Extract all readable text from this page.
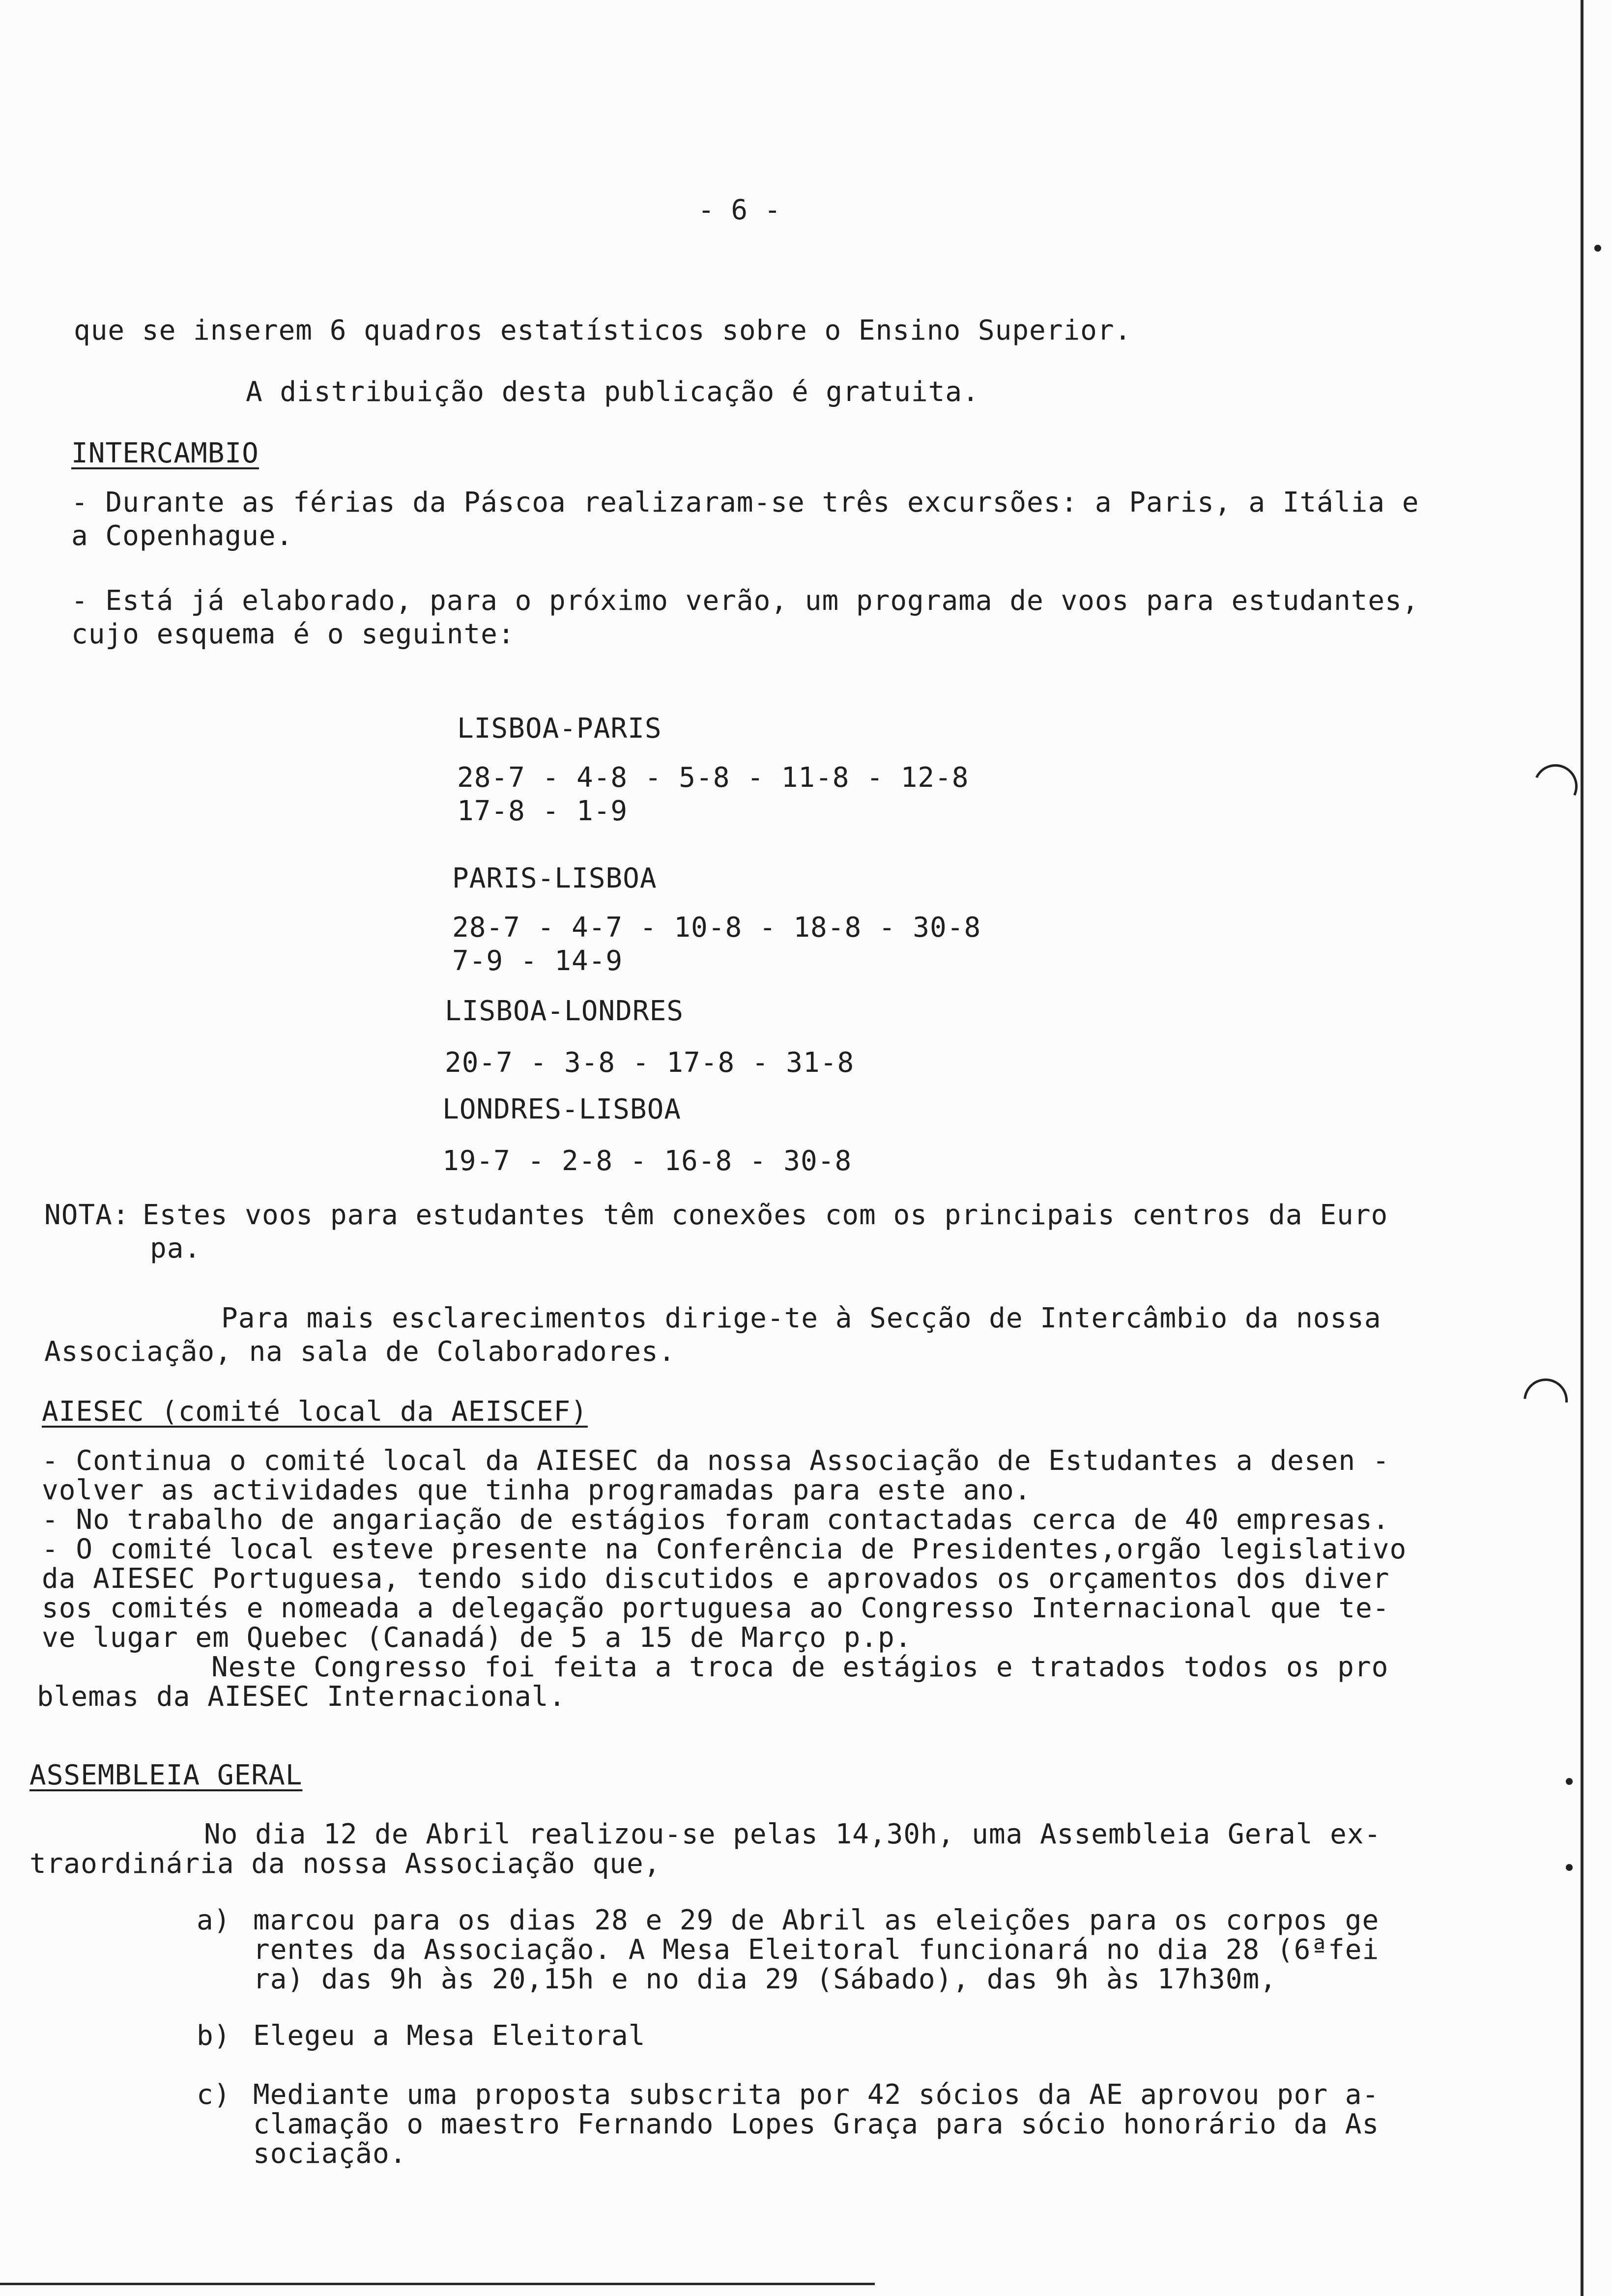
- 6 -
que se inserem 6 quadros estatísticos sobre o Ensino Superior.
A distribuição desta publicação é gratuita.
INTERCAMBIO
- Durante as férias da Páscoa realizaram-se três excursões: a Paris, a Itália e
a Copenhague.
- Está já elaborado, para o próximo verão, um programa de voos para estudantes,
cujo esquema é o seguinte:
LISBOA-PARIS
28-7 - 4-8 - 5-8 - 11-8 - 12-8
17-8 - 1-9
PARIS-LISBOA
28-7 - 4-7 - 10-8 - 18-8 - 30-8
7-9 - 14-9
LISBOA-LONDRES
20-7 - 3-8 - 17-8 - 31-8
LONDRES-LISBOA
19-7 - 2-8 - 16-8 - 30-8
NOTA: Estes voos para estudantes têm conexões com os principais centros da Euro
pa.
Para mais esclarecimentos dirige-te à Secção de Intercâmbio da nossa
Associação, na sala de Colaboradores.
AIESEC (comité local da AEISCEF)
- Continua o comité local da AIESEC da nossa Associação de Estudantes a desen -
volver as actividades que tinha programadas para este ano.
- No trabalho de angariação de estágios foram contactadas cerca de 40 empresas.
- O comité local esteve presente na Conferência de Presidentes,orgão legislativo
da AIESEC Portuguesa, tendo sido discutidos e aprovados os orçamentos dos diver
sos comités e nomeada a delegação portuguesa ao Congresso Internacional que te-
ve lugar em Quebec (Canadá) de 5 a 15 de Março p.p.
Neste Congresso foi feita a troca de estágios e tratados todos os pro
blemas da AIESEC Internacional.
ASSEMBLEIA GERAL
No dia 12 de Abril realizou-se pelas 14,30h, uma Assembleia Geral ex-
traordinária da nossa Associação que,
a) marcou para os dias 28 e 29 de Abril as eleições para os corpos ge
rentes da Associação. A Mesa Eleitoral funcionará no dia 28 (6ªfei
ra) das 9h às 20,15h e no dia 29 (Sábado), das 9h às 17h30m,
b) Elegeu a Mesa Eleitoral
c) Mediante uma proposta subscrita por 42 sócios da AE aprovou por a-
clamação o maestro Fernando Lopes Graça para sócio honorário da As
sociação.
